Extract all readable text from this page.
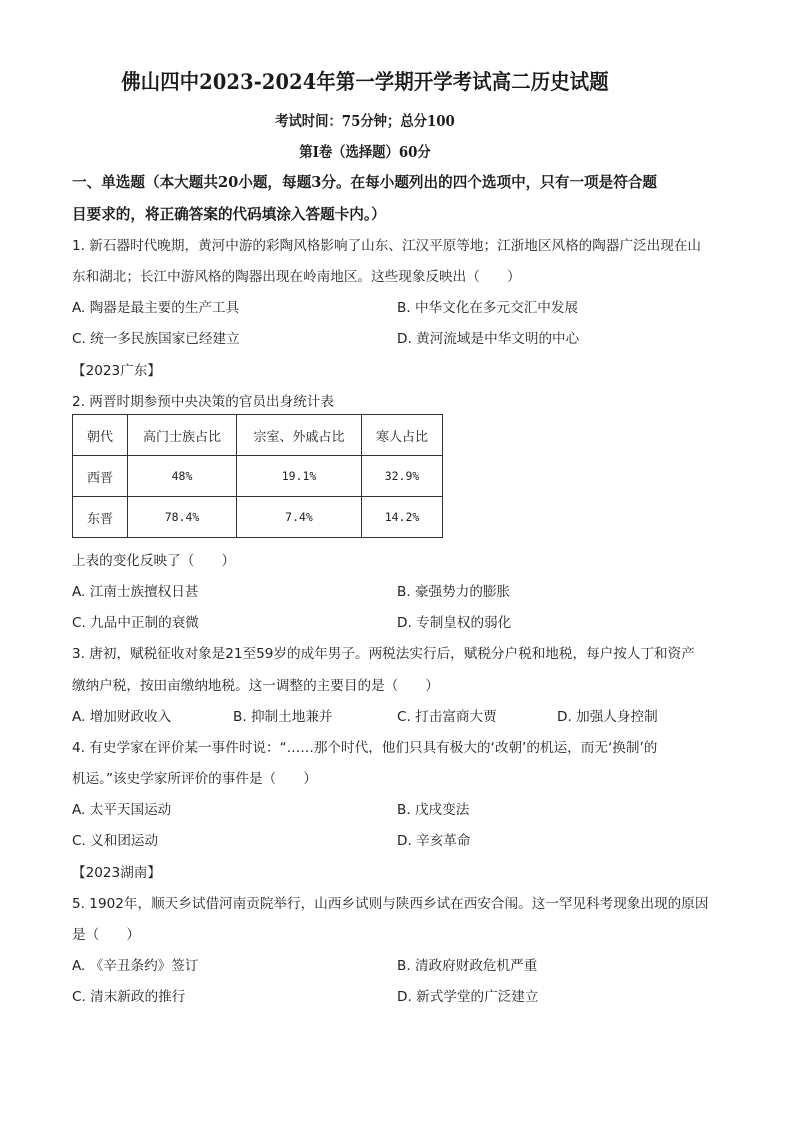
佛山四中2023-2024年第一学期开学考试高二历史试题
考试时间：75分钟；总分100
第Ⅰ卷（选择题）60分
一、单选题（本大题共20小题，每题3分。在每小题列出的四个选项中，只有一项是符合题
目要求的，将正确答案的代码填涂入答题卡内。）
1. 新石器时代晚期，黄河中游的彩陶风格影响了山东、江汉平原等地；江浙地区风格的陶器广泛出现在山
东和湖北；长江中游风格的陶器出现在岭南地区。这些现象反映出（　　）
A. 陶器是最主要的生产工具	B. 中华文化在多元交汇中发展
C. 统一多民族国家已经建立	D. 黄河流域是中华文明的中心
【2023广东】
2. 两晋时期参预中央决策的官员出身统计表
朝代	高门士族占比	宗室、外戚占比	寒人占比
西晋	48%	19.1%	32.9%
东晋	78.4%	7.4%	14.2%
上表的变化反映了（　　）
A. 江南士族擅权日甚	B. 豪强势力的膨胀
C. 九品中正制的衰微	D. 专制皇权的弱化
3. 唐初，赋税征收对象是21至59岁的成年男子。两税法实行后，赋税分户税和地税，每户按人丁和资产
缴纳户税，按田亩缴纳地税。这一调整的主要目的是（　　）
A. 增加财政收入	B. 抑制土地兼并	C. 打击富商大贾	D. 加强人身控制
4. 有史学家在评价某一事件时说：“……那个时代，他们只具有极大的‘改朝’的机运，而无‘换制’的
机运。”该史学家所评价的事件是（　　）
A. 太平天国运动	B. 戊戌变法
C. 义和团运动	D. 辛亥革命
【2023湖南】
5. 1902年，顺天乡试借河南贡院举行，山西乡试则与陕西乡试在西安合闱。这一罕见科考现象出现的原因
是（　　）
A. 《辛丑条约》签订	B. 清政府财政危机严重
C. 清末新政的推行	D. 新式学堂的广泛建立
